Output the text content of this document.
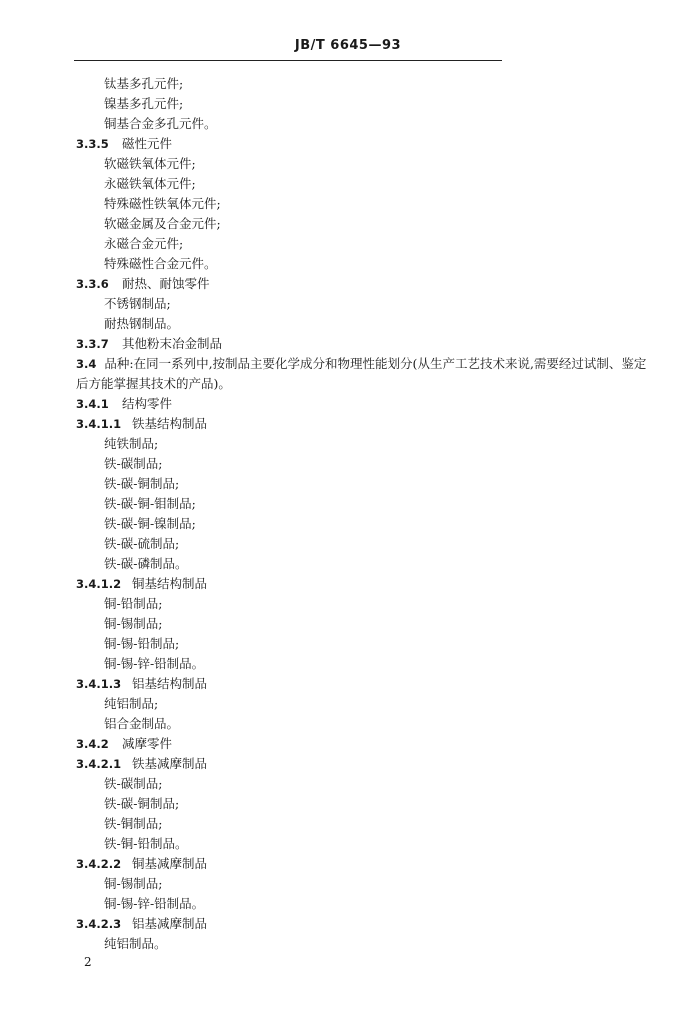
JB/T 6645—93
钛基多孔元件;
镍基多孔元件;
铜基合金多孔元件。
3.3.5 磁性元件
软磁铁氧体元件;
永磁铁氧体元件;
特殊磁性铁氧体元件;
软磁金属及合金元件;
永磁合金元件;
特殊磁性合金元件。
3.3.6 耐热、耐蚀零件
不锈钢制品;
耐热钢制品。
3.3.7 其他粉末冶金制品
3.4 品种:在同一系列中,按制品主要化学成分和物理性能划分(从生产工艺技术来说,需要经过试制、鉴定后方能掌握其技术的产品)。
3.4.1 结构零件
3.4.1.1 铁基结构制品
纯铁制品;
铁-碳制品;
铁-碳-铜制品;
铁-碳-铜-钼制品;
铁-碳-铜-镍制品;
铁-碳-硫制品;
铁-碳-磷制品。
3.4.1.2 铜基结构制品
铜-铅制品;
铜-锡制品;
铜-锡-铅制品;
铜-锡-锌-铅制品。
3.4.1.3 铝基结构制品
纯铝制品;
铝合金制品。
3.4.2 减摩零件
3.4.2.1 铁基减摩制品
铁-碳制品;
铁-碳-铜制品;
铁-铜制品;
铁-铜-铅制品。
3.4.2.2 铜基减摩制品
铜-锡制品;
铜-锡-锌-铅制品。
3.4.2.3 铝基减摩制品
纯铝制品。
2
